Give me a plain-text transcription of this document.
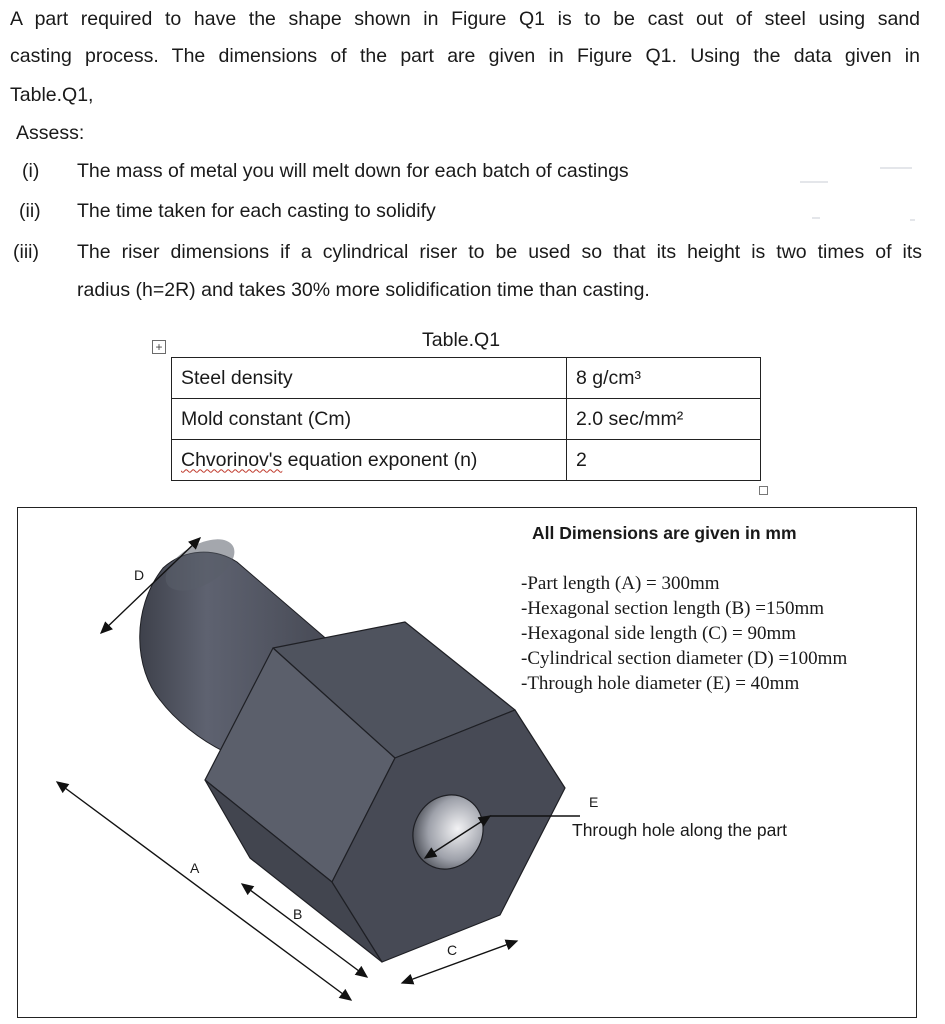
A part required to have the shape shown in Figure Q1 is to be cast out of steel using sand
casting process. The dimensions of the part are given in Figure Q1. Using the data given in
Table.Q1,
Assess:
(i) The mass of metal you will melt down for each batch of castings
(ii) The time taken for each casting to solidify
(iii) The riser dimensions if a cylindrical riser to be used so that its height is two times of its
radius (h=2R) and takes 30% more solidification time than casting.
Table.Q1
+
Steel density	8 g/cm³
Mold constant (Cm)	2.0 sec/mm²
Chvorinov's equation exponent (n)	2
D
A
B
C
E
All Dimensions are given in mm
-Part length (A) = 300mm
-Hexagonal section length (B) =150mm
-Hexagonal side length (C) = 90mm
-Cylindrical section diameter (D) =100mm
-Through hole diameter (E) = 40mm
Through hole along the part
